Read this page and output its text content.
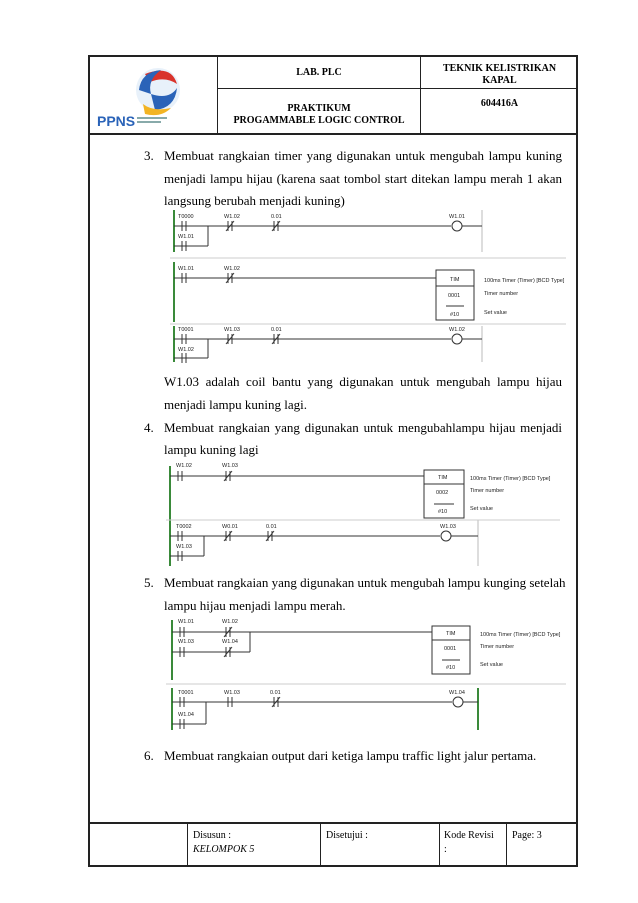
PPNS
LAB. PLC	TEKNIK KELISTRIKAN
KAPAL
PRAKTIKUM
PROGAMMABLE LOGIC CONTROL
604416A
3. Membuat rangkaian timer yang digunakan untuk mengubah lampu kuning
menjadi lampu hijau (karena saat tombol start ditekan lampu merah 1 akan
langsung berubah menjadi kuning)
T0000	W1.02	0.01
W1.01
W1.01
W1.01	W1.02
TIM
0001
#10
100ms Timer (Timer) [BCD Type]
Timer number
Set value
T0001	W1.03	0.01
W1.02
W1.02
W1.02	W1.03
TIM
0002
#10
100ms Timer (Timer) [BCD Type]
Timer number
Set value
T0002	W0.01	0.01
W1.03
W1.03
W1.01	W1.02
W1.03	W1.04
TIM
0001
#10
100ms Timer (Timer) [BCD Type]
Timer number
Set value
T0001	W1.03	0.01
W1.04
W1.04
W1.03 adalah coil bantu yang digunakan untuk mengubah lampu hijau
menjadi lampu kuning lagi.
4. Membuat rangkaian yang digunakan untuk mengubahlampu hijau menjadi
lampu kuning lagi
5. Membuat rangkaian yang digunakan untuk mengubah lampu kunging setelah
lampu hijau menjadi lampu merah.
6. Membuat rangkaian output dari ketiga lampu traffic light jalur pertama.
Disusun :
KELOMPOK 5
Disetujui :	Kode Revisi
:
Page: 3
